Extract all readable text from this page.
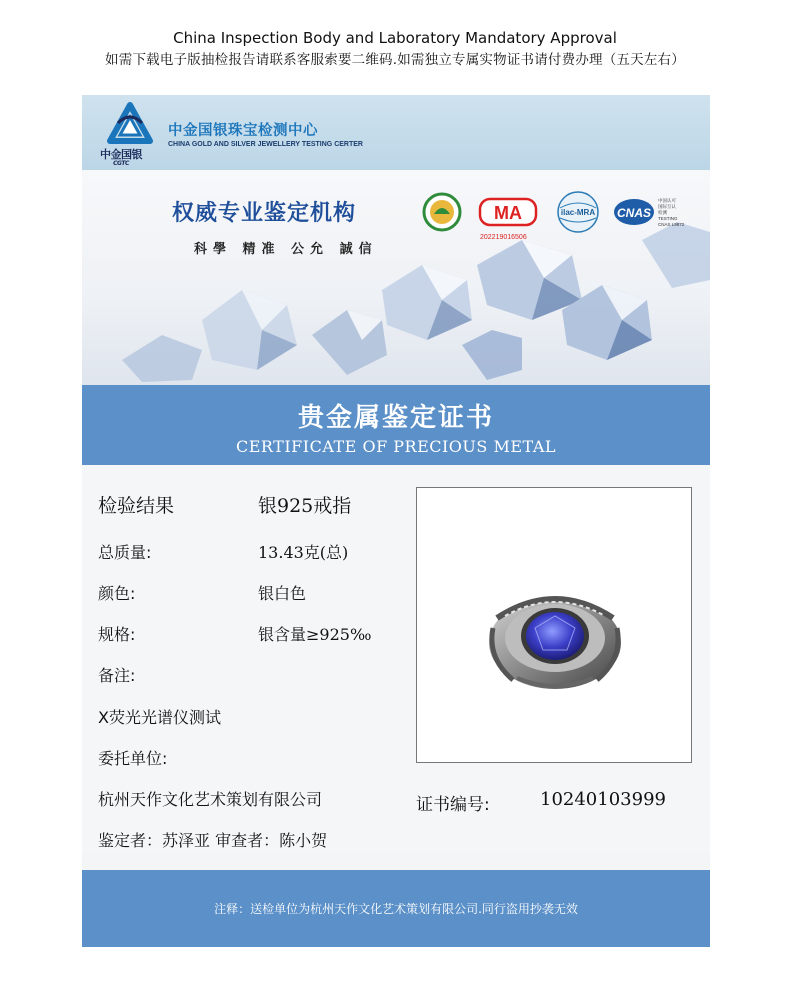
China Inspection Body and Laboratory Mandatory Approval
如需下载电子版抽检报告请联系客服索要二维码.如需独立专属实物证书请付费办理（五天左右）
中金国银
CGTC
中金国银珠宝检测中心
CHINA GOLD AND SILVER JEWELLERY TESTING CERTER
权威专业鉴定机构
科學 精准 公允 誠信
MA
202219016506
ilac-MRA CNAS
中国认可
国际互认
检测
TESTING
CNAS L9872
贵金属鉴定证书
CERTIFICATE OF PRECIOUS METAL
检验结果	银925戒指
总质量:	13.43克(总)
颜色:	银白色
规格:	银含量≥925‰
备注:
X荧光光谱仪测试
委托单位:
杭州天作文化艺术策划有限公司	证书编号:	10240103999
鉴定者：苏泽亚 审查者：陈小贺
注释：送检单位为杭州天作文化艺术策划有限公司.同行盗用抄袭无效
